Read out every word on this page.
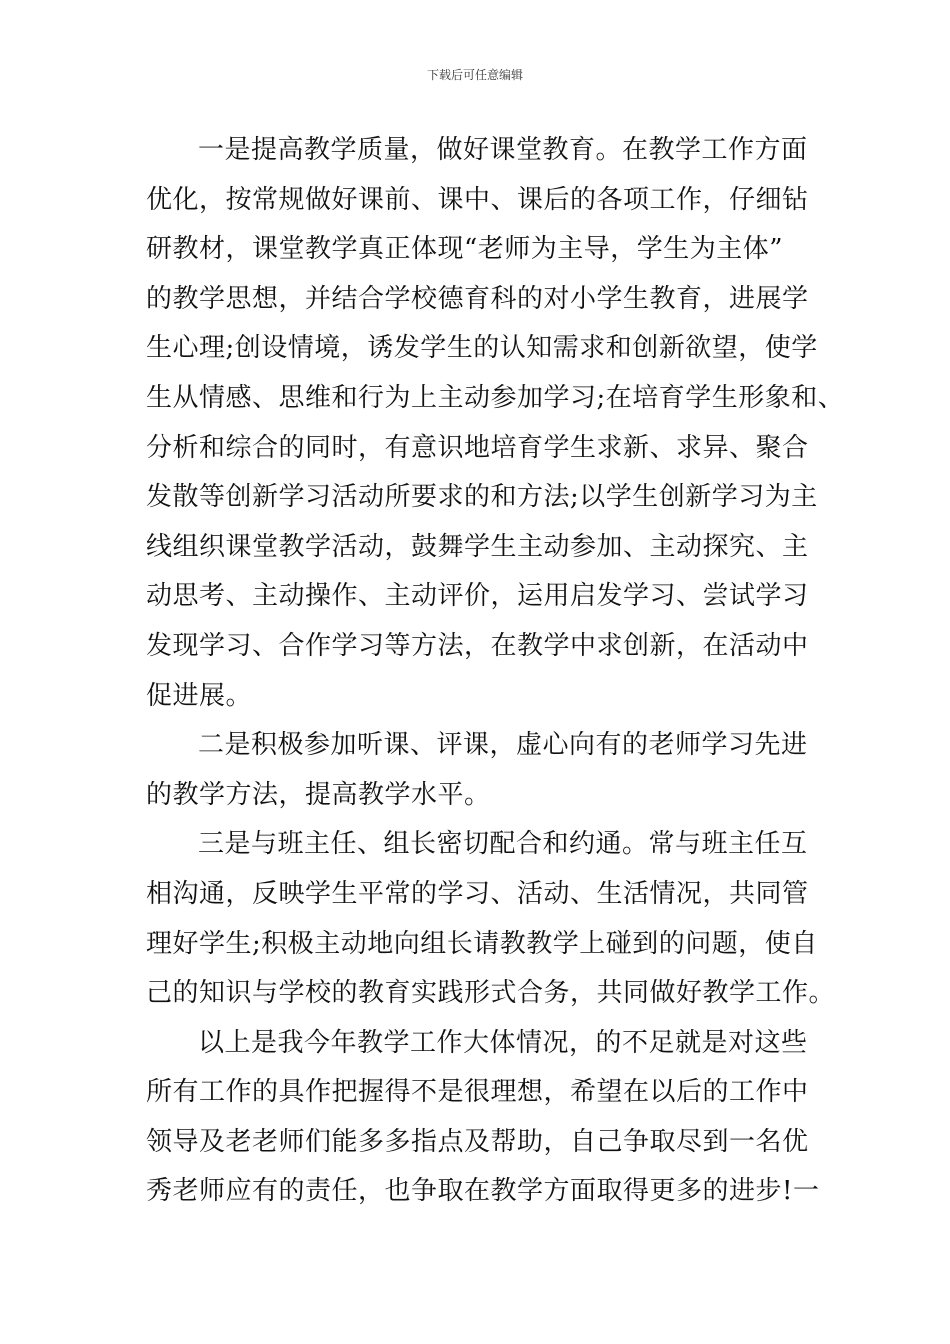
下载后可任意编辑

一是提高教学质量，做好课堂教育。在教学工作方面
优化，按常规做好课前、课中、课后的各项工作，仔细钻
研教材，课堂教学真正体现“老师为主导，学生为主体”
的教学思想，并结合学校德育科的对小学生教育，进展学
生心理;创设情境，诱发学生的认知需求和创新欲望，使学
生从情感、思维和行为上主动参加学习;在培育学生形象和、
分析和综合的同时，有意识地培育学生求新、求异、聚合
发散等创新学习活动所要求的和方法;以学生创新学习为主
线组织课堂教学活动，鼓舞学生主动参加、主动探究、主
动思考、主动操作、主动评价，运用启发学习、尝试学习
发现学习、合作学习等方法，在教学中求创新，在活动中
促进展。

二是积极参加听课、评课，虚心向有的老师学习先进
的教学方法，提高教学水平。

三是与班主任、组长密切配合和约通。常与班主任互
相沟通，反映学生平常的学习、活动、生活情况，共同管
理好学生;积极主动地向组长请教教学上碰到的问题，使自
己的知识与学校的教育实践形式合务，共同做好教学工作。

以上是我今年教学工作大体情况，的不足就是对这些
所有工作的具作把握得不是很理想，希望在以后的工作中
领导及老老师们能多多指点及帮助，自己争取尽到一名优
秀老师应有的责任，也争取在教学方面取得更多的进步!一
